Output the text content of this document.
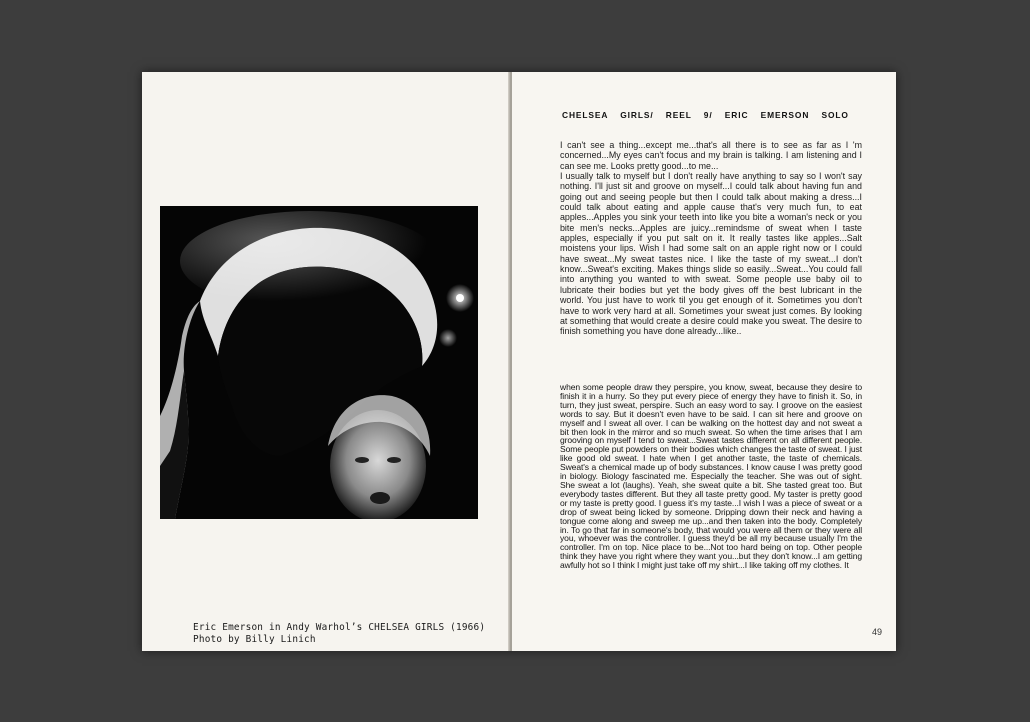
Eric Emerson in Andy Warhol’s CHELSEA GIRLS (1966)
Photo by Billy Linich
CHELSEA GIRLS/ REEL 9/ ERIC EMERSON SOLO
I can't see a thing...except me...that's all there is to see as far as I 'm concerned...My eyes can't focus and my brain is talking. I am listening and I can see me. Looks pretty good...to me...
I usually talk to myself but I don't really have anything to say so I won't say nothing. I'll just sit and groove on myself...I could talk about having fun and going out and seeing people but then I could talk about making a dress...I could talk about eating and apple cause that's very much fun, to eat apples...Apples you sink your teeth into like you bite a woman's neck or you bite men's necks...Apples are juicy...remindsme of sweat when I taste apples, especially if you put salt on it. It really tastes like apples...Salt moistens your lips. Wish I had some salt on an apple right now or I could have sweat...My sweat tastes nice. I like the taste of my sweat...I don't know...Sweat's exciting. Makes things slide so easily...Sweat...You could fall into anything you wanted to with sweat. Some people use baby oil to lubricate their bodies but yet the body gives off the best lubricant in the world. You just have to work til you get enough of it. Sometimes you don't have to work very hard at all. Sometimes your sweat just comes. By looking at something that would create a desire could make you sweat. The desire to finish something you have done already...like..
when some people draw they perspire, you know, sweat, because they desire to finish it in a hurry. So they put every piece of energy they have to finish it. So, in turn, they just sweat, perspire. Such an easy word to say. I groove on the easiest words to say. But it doesn't even have to be said. I can sit here and groove on myself and I sweat all over. I can be walking on the hottest day and not sweat a bit then look in the mirror and so much sweat. So when the time arises that I am grooving on myself I tend to sweat...Sweat tastes different on all different people. Some people put powders on their bodies which changes the taste of sweat. I just like good old sweat. I hate when I get another taste, the taste of chemicals. Sweat's a chemical made up of body substances. I know cause I was pretty good in biology. Biology fascinated me. Especially the teacher. She was out of sight. She sweat a lot (laughs). Yeah, she sweat quite a bit. She tasted great too. But everybody tastes different. But they all taste pretty good. My taster is pretty good or my taste is pretty good. I guess it's my taste...I wish I was a piece of sweat or a drop of sweat being licked by someone. Dripping down their neck and having a tongue come along and sweep me up...and then taken into the body. Completely in. To go that far in someone's body, that would you were all them or they were all you, whoever was the controller. I guess they'd be all my because usually I'm the controller. I'm on top. Nice place to be...Not too hard being on top. Other people think they have you right where they want you...but they don't know...I am getting awfully hot so I think I might just take off my shirt...I like taking off my clothes. It
49
